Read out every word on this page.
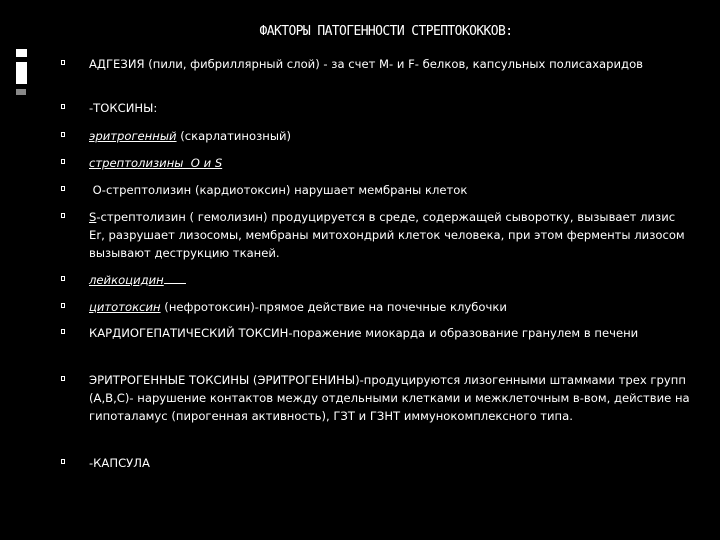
ФАКТОРЫ ПАТОГЕННОСТИ СТРЕПТОКОККОВ:
АДГЕЗИЯ (пили, фибриллярный слой) - за счет М- и F- белков, капсульных полисахаридов
-ТОКСИНЫ:
эритрогенный (скарлатинозный)
стрептолизины  О и S
О-стрептолизин (кардиотоксин) нарушает мембраны клеток
S-стрептолизин ( гемолизин) продуцируется в среде, содержащей сыворотку, вызывает лизис Er, разрушает лизосомы, мембраны митохондрий клеток человека, при этом ферменты лизосом вызывают деструкцию тканей.
лейкоцидин
цитотоксин (нефротоксин)-прямое действие на почечные клубочки
КАРДИОГЕПАТИЧЕСКИЙ ТОКСИН-поражение миокарда и образование гранулем в печени
ЭРИТРОГЕННЫЕ ТОКСИНЫ (ЭРИТРОГЕНИНЫ)-продуцируются лизогенными штаммами трех групп (А,В,С)- нарушение контактов между отдельными клетками и межклеточным в-вом, действие на гипоталамус (пирогенная активность), ГЗТ и ГЗНТ иммунокомплексного типа.
-КАПСУЛА
